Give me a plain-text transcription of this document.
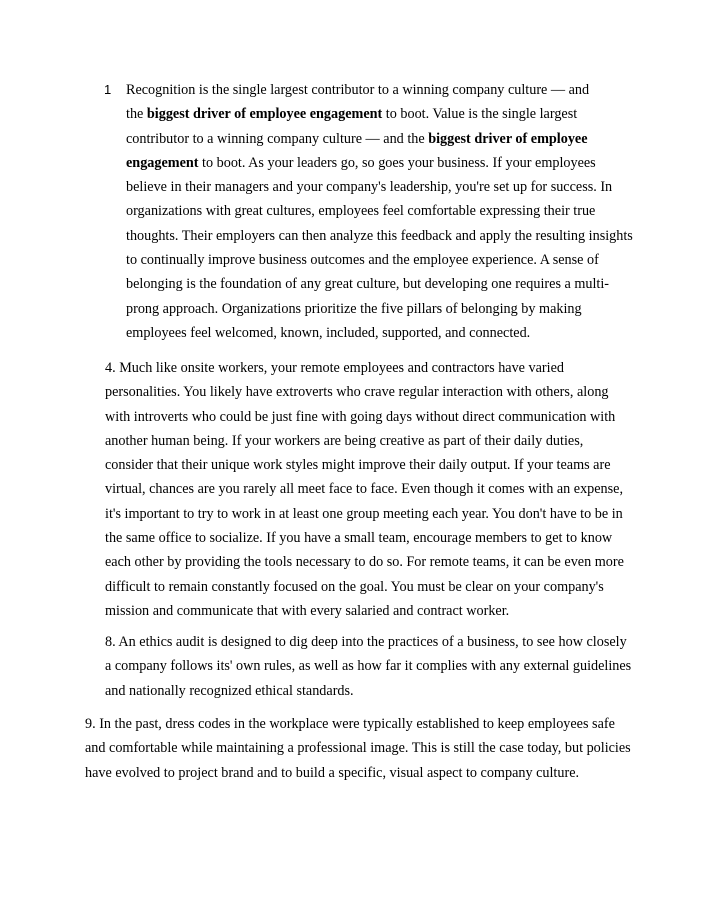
1 Recognition is the single largest contributor to a winning company culture — and
the biggest driver of employee engagement to boot. Value is the single largest
contributor to a winning company culture — and the biggest driver of employee
engagement to boot. As your leaders go, so goes your business. If your employees
believe in their managers and your company's leadership, you're set up for success. In
organizations with great cultures, employees feel comfortable expressing their true
thoughts. Their employers can then analyze this feedback and apply the resulting insights
to continually improve business outcomes and the employee experience. A sense of
belonging is the foundation of any great culture, but developing one requires a multi-
prong approach. Organizations prioritize the five pillars of belonging by making
employees feel welcomed, known, included, supported, and connected.
4. Much like onsite workers, your remote employees and contractors have varied
personalities. You likely have extroverts who crave regular interaction with others, along
with introverts who could be just fine with going days without direct communication with
another human being. If your workers are being creative as part of their daily duties,
consider that their unique work styles might improve their daily output. If your teams are
virtual, chances are you rarely all meet face to face. Even though it comes with an expense,
it's important to try to work in at least one group meeting each year. You don't have to be in
the same office to socialize. If you have a small team, encourage members to get to know
each other by providing the tools necessary to do so. For remote teams, it can be even more
difficult to remain constantly focused on the goal. You must be clear on your company's
mission and communicate that with every salaried and contract worker.
8. An ethics audit is designed to dig deep into the practices of a business, to see how closely
a company follows its' own rules, as well as how far it complies with any external guidelines
and nationally recognized ethical standards.
9. In the past, dress codes in the workplace were typically established to keep employees safe
and comfortable while maintaining a professional image. This is still the case today, but policies
have evolved to project brand and to build a specific, visual aspect to company culture.
